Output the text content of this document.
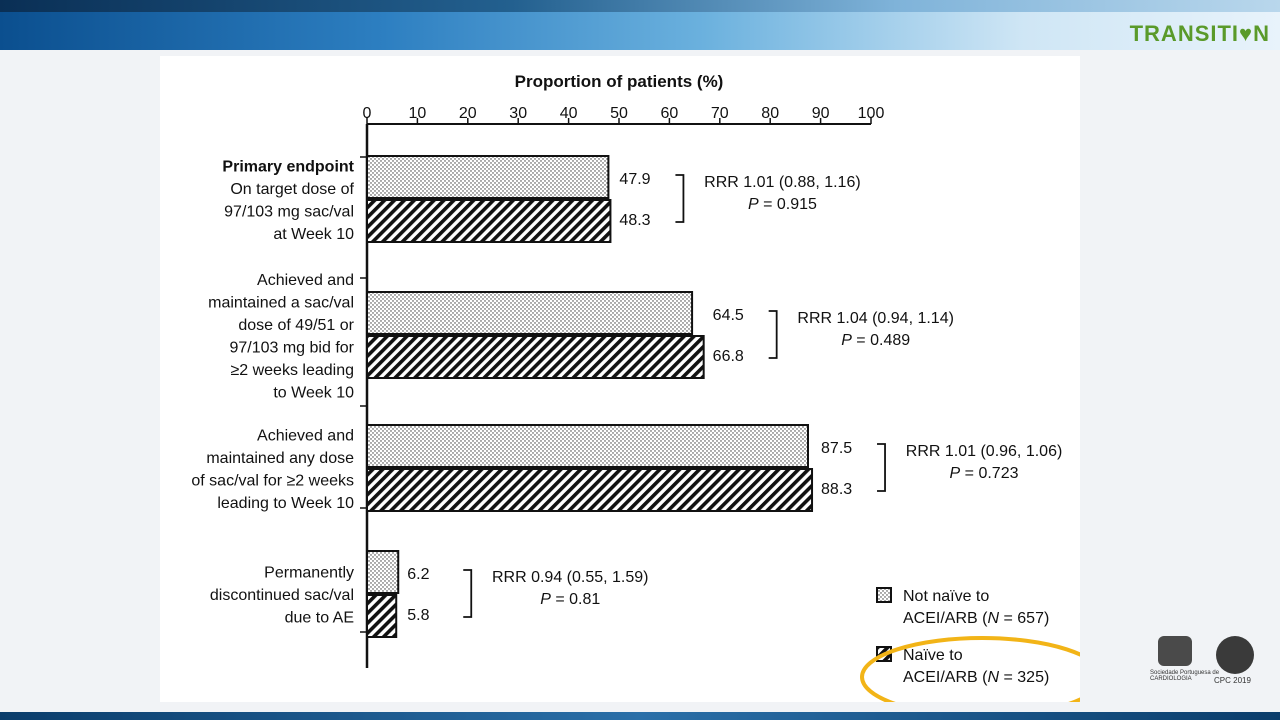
TRANSITI♥N
Proportion of patients (%)
0 10 20 30 40 50 60 70 80 90 100
47.9
48.3
RRR 1.01 (0.88, 1.16)
P = 0.915
Primary endpoint
On target dose of
97/103 mg sac/val
at Week 10
64.5
66.8
RRR 1.04 (0.94, 1.14)
P = 0.489
Achieved and
maintained a sac/val
dose of 49/51 or
97/103 mg bid for
≥2 weeks leading
to Week 10
87.5
88.3
RRR 1.01 (0.96, 1.06)
P = 0.723
Achieved and
maintained any dose
of sac/val for ≥2 weeks
leading to Week 10
6.2
5.8
RRR 0.94 (0.55, 1.59)
P = 0.81
Permanently
discontinued sac/val
due to AE
Not naïve to
ACEI/ARB (N = 657)
Naïve to
ACEI/ARB (N = 325)	Sociedade Portuguesa de CARDIOLOGIA	CPC 2019
